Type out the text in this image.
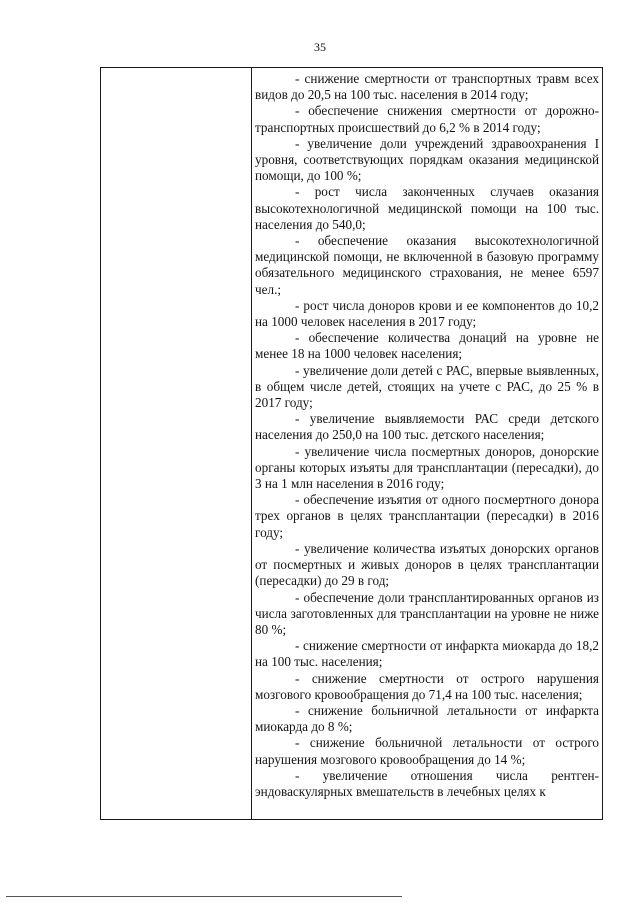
35

- снижение смертности от транспортных травм всех видов до 20,5 на 100 тыс. населения в 2014 году;

- обеспечение снижения смертности от дорожно-транспортных происшествий до 6,2 % в 2014 году;

- увеличение доли учреждений здравоохранения I уровня, соответствующих порядкам оказания медицинской помощи, до 100 %;

- рост числа законченных случаев оказания высокотехнологичной медицинской помощи на 100 тыс. населения до 540,0;

- обеспечение оказания высокотехнологичной медицинской помощи, не включенной в базовую программу обязательного медицинского страхования, не менее 6597 чел.;

- рост числа доноров крови и ее компонентов до 10,2 на 1000 человек населения в 2017 году;

- обеспечение количества донаций на уровне не менее 18 на 1000 человек населения;

- увеличение доли детей с РАС, впервые выявленных, в общем числе детей, стоящих на учете с РАС, до 25 % в 2017 году;

- увеличение выявляемости РАС среди детского населения до 250,0 на 100 тыс. детского населения;

- увеличение числа посмертных доноров, донорские органы которых изъяты для трансплантации (пересадки), до 3 на 1 млн населения в 2016 году;

- обеспечение изъятия от одного посмертного донора трех органов в целях трансплантации (пересадки) в 2016 году;

- увеличение количества изъятых донорских органов от посмертных и живых доноров в целях трансплантации (пересадки) до 29 в год;

- обеспечение доли трансплантированных органов из числа заготовленных для трансплантации на уровне не ниже 80 %;

- снижение смертности от инфаркта миокарда до 18,2 на 100 тыс. населения;

- снижение смертности от острого нарушения мозгового кровообращения до 71,4 на 100 тыс. населения;

- снижение больничной летальности от инфаркта миокарда до 8 %;

- снижение больничной летальности от острого нарушения мозгового кровообращения до 14 %;

- увеличение отношения числа рентген-эндоваскулярных вмешательств в лечебных целях к
